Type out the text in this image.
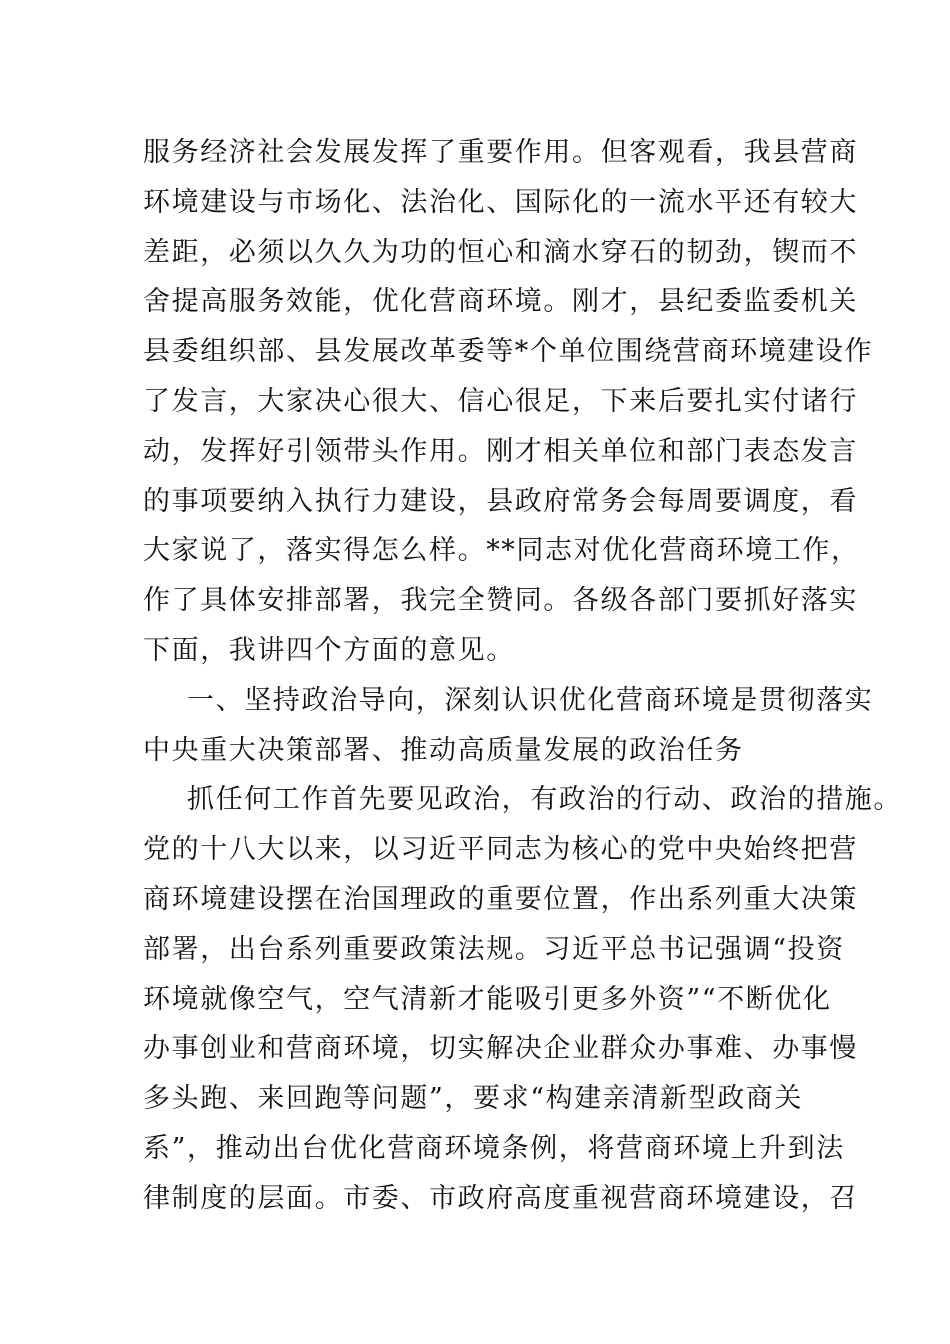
服务经济社会发展发挥了重要作用。但客观看，我县营商
环境建设与市场化、法治化、国际化的一流水平还有较大
差距，必须以久久为功的恒心和滴水穿石的韧劲，锲而不
舍提高服务效能，优化营商环境。刚才，县纪委监委机关
县委组织部、县发展改革委等*个单位围绕营商环境建设作
了发言，大家决心很大、信心很足，下来后要扎实付诸行
动，发挥好引领带头作用。刚才相关单位和部门表态发言
的事项要纳入执行力建设，县政府常务会每周要调度，看
大家说了，落实得怎么样。**同志对优化营商环境工作，
作了具体安排部署，我完全赞同。各级各部门要抓好落实
下面，我讲四个方面的意见。
一、坚持政治导向，深刻认识优化营商环境是贯彻落实
中央重大决策部署、推动高质量发展的政治任务
抓任何工作首先要见政治，有政治的行动、政治的措施。
党的十八大以来，以习近平同志为核心的党中央始终把营
商环境建设摆在治国理政的重要位置，作出系列重大决策
部署，出台系列重要政策法规。习近平总书记强调“投资
环境就像空气，空气清新才能吸引更多外资”“不断优化
办事创业和营商环境，切实解决企业群众办事难、办事慢
多头跑、来回跑等问题”，要求“构建亲清新型政商关
系”，推动出台优化营商环境条例，将营商环境上升到法
律制度的层面。市委、市政府高度重视营商环境建设，召
